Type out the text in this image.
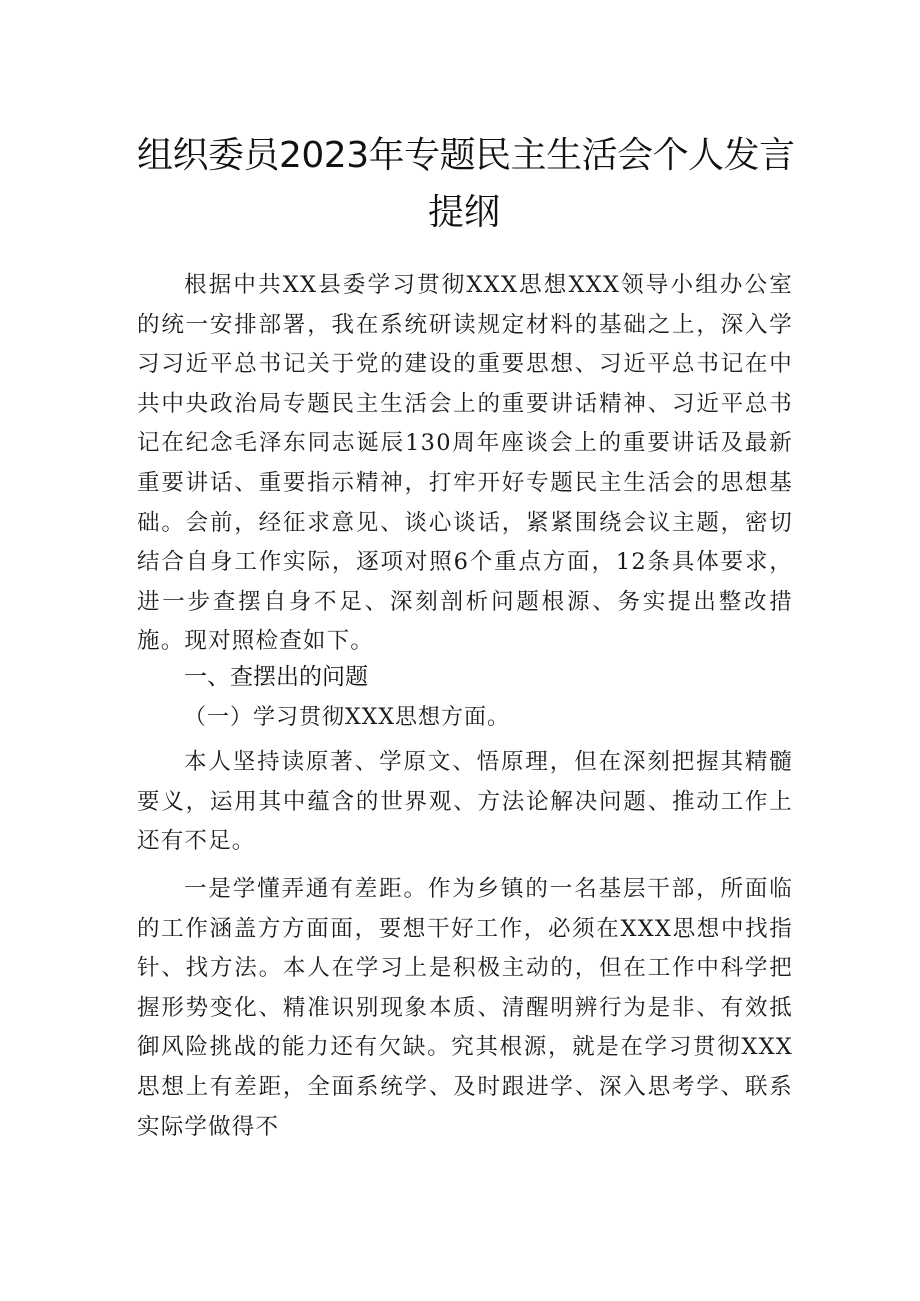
组织委员2023年专题民主生活会个人发言
提纲

根据中共XX县委学习贯彻XXX思想XXX领导小组办公室的统一安排部署，我在系统研读规定材料的基础之上，深入学习习近平总书记关于党的建设的重要思想、习近平总书记在中共中央政治局专题民主生活会上的重要讲话精神、习近平总书记在纪念毛泽东同志诞辰130周年座谈会上的重要讲话及最新重要讲话、重要指示精神，打牢开好专题民主生活会的思想基础。会前，经征求意见、谈心谈话，紧紧围绕会议主题，密切结合自身工作实际，逐项对照6个重点方面，12条具体要求，进一步查摆自身不足、深刻剖析问题根源、务实提出整改措施。现对照检查如下。

一、查摆出的问题
（一）学习贯彻XXX思想方面。

本人坚持读原著、学原文、悟原理，但在深刻把握其精髓要义，运用其中蕴含的世界观、方法论解决问题、推动工作上还有不足。

一是学懂弄通有差距。作为乡镇的一名基层干部，所面临的工作涵盖方方面面，要想干好工作，必须在XXX思想中找指针、找方法。本人在学习上是积极主动的，但在工作中科学把握形势变化、精准识别现象本质、清醒明辨行为是非、有效抵御风险挑战的能力还有欠缺。究其根源，就是在学习贯彻XXX思想上有差距，全面系统学、及时跟进学、深入思考学、联系实际学做得不
